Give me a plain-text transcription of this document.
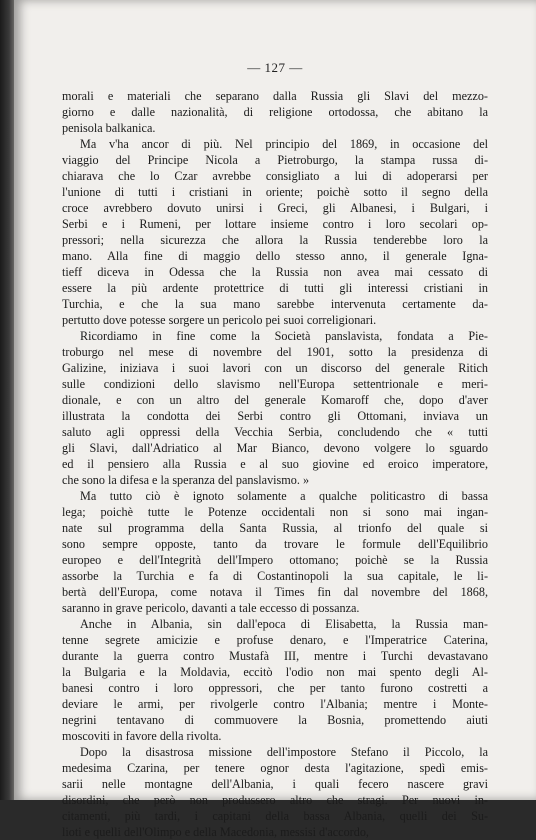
— 127 —
morali e materiali che separano dalla Russia gli Slavi del mezzo-
giorno e dalle nazionalità, di religione ortodossa, che abitano la
penisola balkanica.
Ma v'ha ancor di più. Nel principio del 1869, in occasione del
viaggio del Principe Nicola a Pietroburgo, la stampa russa di-
chiarava che lo Czar avrebbe consigliato a lui di adoperarsi per
l'unione di tutti i cristiani in oriente; poichè sotto il segno della
croce avrebbero dovuto unirsi i Greci, gli Albanesi, i Bulgari, i
Serbi e i Rumeni, per lottare insieme contro i loro secolari op-
pressori; nella sicurezza che allora la Russia tenderebbe loro la
mano. Alla fine di maggio dello stesso anno, il generale Igna-
tieff diceva in Odessa che la Russia non avea mai cessato di
essere la più ardente protettrice di tutti gli interessi cristiani in
Turchia, e che la sua mano sarebbe intervenuta certamente da-
pertutto dove potesse sorgere un pericolo pei suoi correligionari.
Ricordiamo in fine come la Società panslavista, fondata a Pie-
troburgo nel mese di novembre del 1901, sotto la presidenza di
Galizine, iniziava i suoi lavori con un discorso del generale Ritich
sulle condizioni dello slavismo nell'Europa settentrionale e meri-
dionale, e con un altro del generale Komaroff che, dopo d'aver
illustrata la condotta dei Serbi contro gli Ottomani, inviava un
saluto agli oppressi della Vecchia Serbia, concludendo che « tutti
gli Slavi, dall'Adriatico al Mar Bianco, devono volgere lo sguardo
ed il pensiero alla Russia e al suo giovine ed eroico imperatore,
che sono la difesa e la speranza del panslavismo. »
Ma tutto ciò è ignoto solamente a qualche politicastro di bassa
lega; poichè tutte le Potenze occidentali non si sono mai ingan-
nate sul programma della Santa Russia, al trionfo del quale si
sono sempre opposte, tanto da trovare le formule dell'Equilibrio
europeo e dell'Integrità dell'Impero ottomano; poichè se la Russia
assorbe la Turchia e fa di Costantinopoli la sua capitale, le li-
bertà dell'Europa, come notava il Times fin dal novembre del 1868,
saranno in grave pericolo, davanti a tale eccesso di possanza.
Anche in Albania, sin dall'epoca di Elisabetta, la Russia man-
tenne segrete amicizie e profuse denaro, e l'Imperatrice Caterina,
durante la guerra contro Mustafà III, mentre i Turchi devastavano
la Bulgaria e la Moldavia, eccitò l'odio non mai spento degli Al-
banesi contro i loro oppressori, che per tanto furono costretti a
deviare le armi, per rivolgerle contro l'Albania; mentre i Monte-
negrini tentavano di commuovere la Bosnia, promettendo aiuti
moscoviti in favore della rivolta.
Dopo la disastrosa missione dell'impostore Stefano il Piccolo, la
medesima Czarina, per tenere ognor desta l'agitazione, spedì emis-
sarii nelle montagne dell'Albania, i quali fecero nascere gravi
disordini, che però non produssero altro che stragi. Per nuovi in-
citamenti, più tardi, i capitani della bassa Albania, quelli dei Su-
lioti e quelli dell'Olimpo e della Macedonia, messisi d'accordo,
